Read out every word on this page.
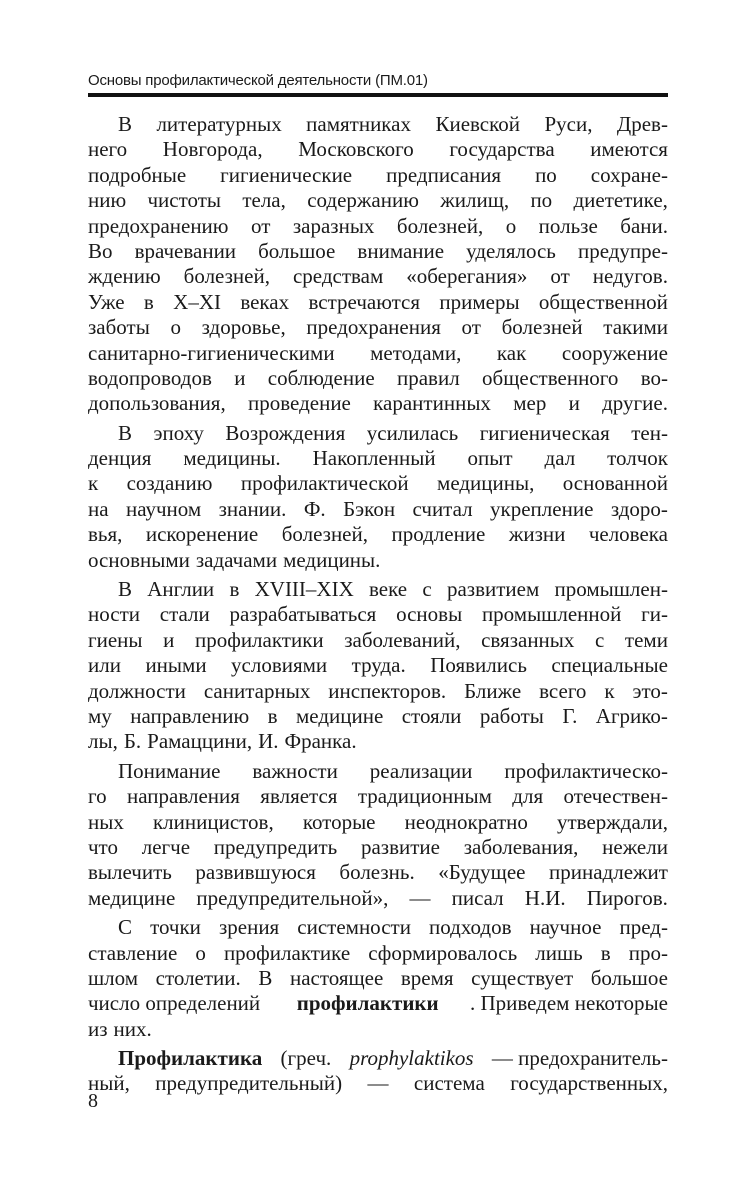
Основы профилактической деятельности (ПМ.01)
В литературных памятниках Киевской Руси, Древ-
него Новгорода, Московского государства имеются
подробные гигиенические предписания по сохране-
нию чистоты тела, содержанию жилищ, по диететике,
предохранению от заразных болезней, о пользе бани.
Во врачевании большое внимание уделялось предупре-
ждению болезней, средствам «оберегания» от недугов.
Уже в X–XI веках встречаются примеры общественной
заботы о здоровье, предохранения от болезней такими
санитарно-гигиеническими методами, как сооружение
водопроводов и соблюдение правил общественного во-
допользования, проведение карантинных мер и другие.
В эпоху Возрождения усилилась гигиеническая тен-
денция медицины. Накопленный опыт дал толчок
к созданию профилактической медицины, основанной
на научном знании. Ф. Бэкон считал укрепление здоро-
вья, искоренение болезней, продление жизни человека
основными задачами медицины.
В Англии в XVIII–XIX веке с развитием промышлен-
ности стали разрабатываться основы промышленной ги-
гиены и профилактики заболеваний, связанных с теми
или иными условиями труда. Появились специальные
должности санитарных инспекторов. Ближе всего к это-
му направлению в медицине стояли работы Г. Агрико-
лы, Б. Рамаццини, И. Франка.
Понимание важности реализации профилактическо-
го направления является традиционным для отечествен-
ных клиницистов, которые неоднократно утверждали,
что легче предупредить развитие заболевания, нежели
вылечить развившуюся болезнь. «Будущее принадлежит
медицине предупредительной», — писал Н.И. Пирогов.
С точки зрения системности подходов научное пред-
ставление о профилактике сформировалось лишь в про-
шлом столетии. В настоящее время существует большое
число определений профилактики . Приведем некоторые
из них.
Профилактика (греч. prophylaktikos — предохранитель-
ный, предупредительный) — система государственных,
8
